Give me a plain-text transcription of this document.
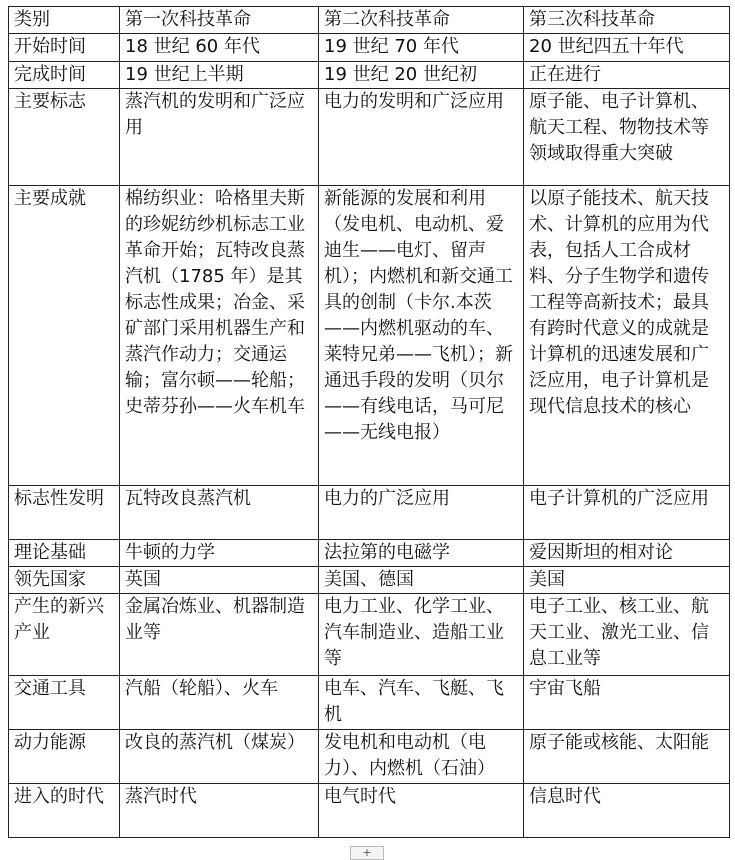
类别	第一次科技革命	第二次科技革命	第三次科技革命
开始时间	18 世纪 60 年代	19 世纪 70 年代	20 世纪四五十年代
完成时间	19 世纪上半期	19 世纪 20 世纪初	正在进行
主要标志	蒸汽机的发明和广泛应用	电力的发明和广泛应用	原子能、电子计算机、航天工程、物物技术等领域取得重大突破
主要成就	棉纺织业：哈格里夫斯的珍妮纺纱机标志工业革命开始；瓦特改良蒸汽机（1785 年）是其标志性成果；冶金、采矿部门采用机器生产和蒸汽作动力；交通运输；富尔顿——轮船；史蒂芬孙——火车机车	新能源的发展和利用（发电机、电动机、爱迪生——电灯、留声机）；内燃机和新交通工具的创制（卡尔.本茨——内燃机驱动的车、莱特兄弟——飞机）；新通迅手段的发明（贝尔——有线电话，马可尼——无线电报）	以原子能技术、航天技术、计算机的应用为代表，包括人工合成材料、分子生物学和遗传工程等高新技术；最具有跨时代意义的成就是计算机的迅速发展和广泛应用，电子计算机是现代信息技术的核心
标志性发明	瓦特改良蒸汽机	电力的广泛应用	电子计算机的广泛应用
理论基础	牛顿的力学	法拉第的电磁学	爱因斯坦的相对论
领先国家	英国	美国、德国	美国
产生的新兴产业	金属冶炼业、机器制造业等	电力工业、化学工业、汽车制造业、造船工业等	电子工业、核工业、航天工业、激光工业、信息工业等
交通工具	汽船（轮船）、火车	电车、汽车、飞艇、飞机	宇宙飞船
动力能源	改良的蒸汽机（煤炭）	发电机和电动机（电力）、内燃机（石油）	原子能或核能、太阳能
进入的时代	蒸汽时代	电气时代	信息时代
+
